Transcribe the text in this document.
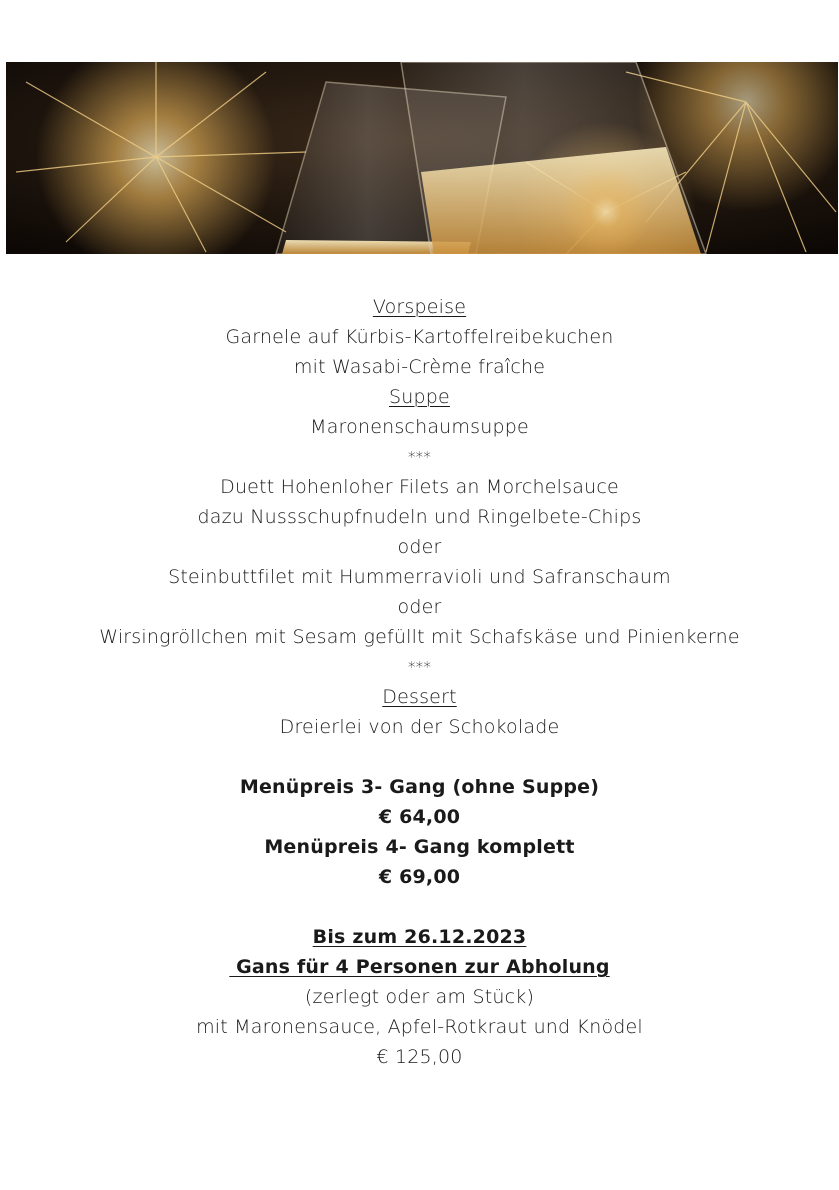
Vorspeise
Garnele auf Kürbis-Kartoffelreibekuchen
mit Wasabi-Crème fraîche
Suppe
Maronenschaumsuppe
***
Duett Hohenloher Filets an Morchelsauce
dazu Nussschupfnudeln und Ringelbete-Chips
oder
Steinbuttfilet mit Hummerravioli und Safranschaum
oder
Wirsingröllchen mit Sesam gefüllt mit Schafskäse und Pinienkerne
***
Dessert
Dreierlei von der Schokolade
Menüpreis 3- Gang (ohne Suppe)
€ 64,00
Menüpreis 4- Gang komplett
€ 69,00
Bis zum 26.12.2023
Gans für 4 Personen zur Abholung
(zerlegt oder am Stück)
mit Maronensauce, Apfel-Rotkraut und Knödel
€ 125,00
